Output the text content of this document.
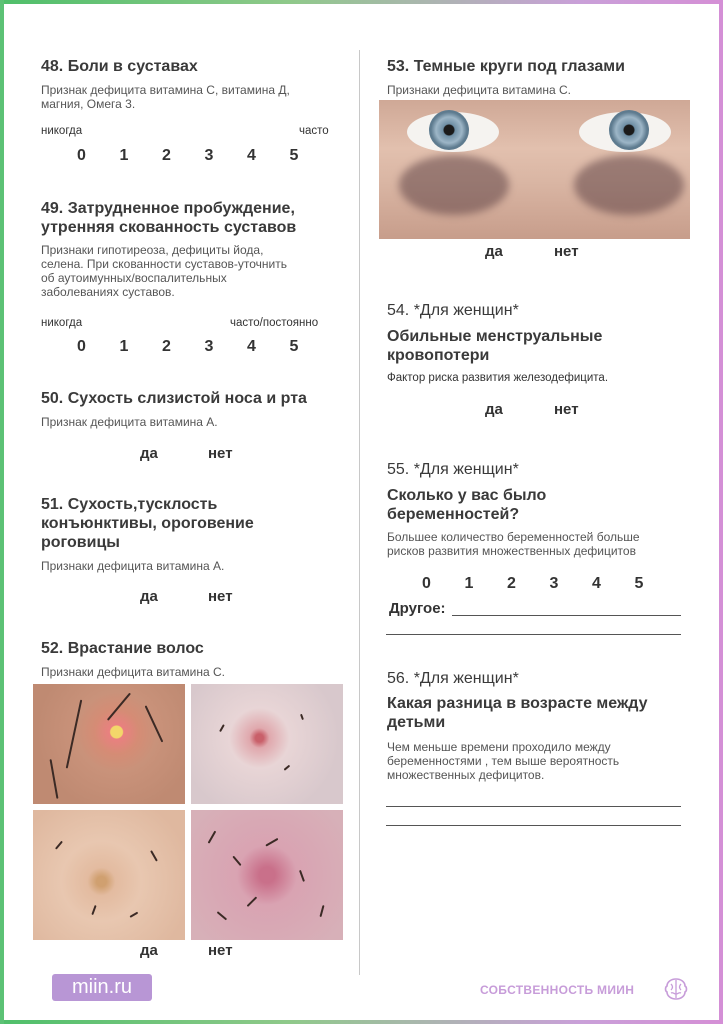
48. Боли в суставах
Признак дефицита витамина С, витамина Д,
магния, Омега 3.
никогда	часто
0 1 2 3 4 5
49. Затрудненное пробуждение,
утренняя скованность суставов
Признаки гипотиреоза, дефициты йода,
селена. При скованности суставов-уточнить
об аутоимунных/воспалительных
заболеваниях суставов.
никогда	часто/постоянно
0 1 2 3 4 5
50. Сухость слизистой носа и рта
Признак дефицита витамина А.
да	нет
51. Сухость,тусклость
конъюнктивы, ороговение
роговицы
Признаки дефицита витамина А.
да	нет
52. Врастание волос
Признаки дефицита витамина С.
да	нет
53. Темные круги под глазами
Признаки дефицита витамина С.
да	нет
54. *Для женщин*
Обильные менструальные
кровопотери
Фактор риска развития железодефицита.
да	нет
55. *Для женщин*
Сколько у вас было
беременностей?
Большее количество беременностей больше
рисков развития множественных дефицитов
0 1 2 3 4 5
Другое:
56. *Для женщин*
Какая разница в возрасте между
детьми
Чем меньше времени проходило между
беременностями , тем выше вероятность
множественных дефицитов.
miin.ru	СОБСТВЕННОСТЬ МИИН
